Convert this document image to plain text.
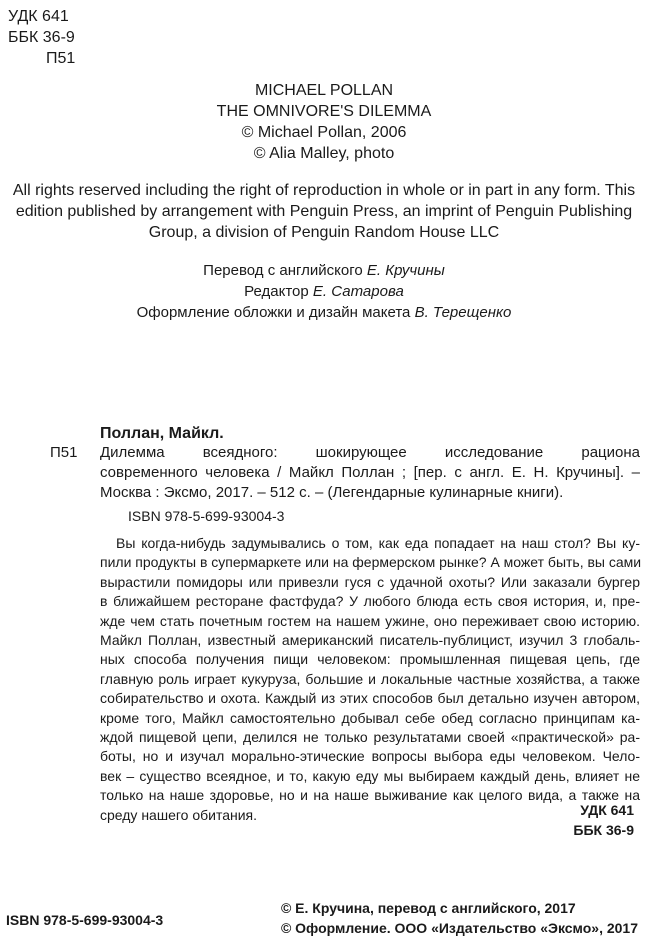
УДК 641
ББК 36-9
П51
MICHAEL POLLAN
THE OMNIVORE'S DILEMMA
© Michael Pollan, 2006
© Alia Malley, photo
All rights reserved including the right of reproduction in whole or in part in any form. This
edition published by arrangement with Penguin Press, an imprint of Penguin Publishing
Group, a division of Penguin Random House LLC
Перевод с английского Е. Кручины
Редактор Е. Сатарова
Оформление обложки и дизайн макета В. Терещенко
Поллан, Майкл.
П51 Дилемма всеядного: шокирующее исследование рациона
современного человека / Майкл Поллан ; [пер. с англ. Е. Н. Кручины]. –
Москва : Эксмо, 2017. – 512 с. – (Легендарные кулинарные книги).
ISBN 978-5-699-93004-3
Вы когда-нибудь задумывались о том, как еда попадает на наш стол? Вы ку-
пили продукты в супермаркете или на фермерском рынке? А может быть, вы сами
вырастили помидоры или привезли гуся с удачной охоты? Или заказали бургер
в ближайшем ресторане фастфуда? У любого блюда есть своя история, и, пре-
жде чем стать почетным гостем на нашем ужине, оно переживает свою историю.
Майкл Поллан, известный американский писатель-публицист, изучил 3 глобаль-
ных способа получения пищи человеком: промышленная пищевая цепь, где
главную роль играет кукуруза, большие и локальные частные хозяйства, а также
собирательство и охота. Каждый из этих способов был детально изучен автором,
кроме того, Майкл самостоятельно добывал себе обед согласно принципам ка-
ждой пищевой цепи, делился не только результатами своей «практической» ра-
боты, но и изучал морально-этические вопросы выбора еды человеком. Чело-
век – существо всеядное, и то, какую еду мы выбираем каждый день, влияет не
только на наше здоровье, но и на наше выживание как целого вида, а также на
среду нашего обитания.	УДК 641
ББК 36-9
ISBN 978-5-699-93004-3
© Е. Кручина, перевод с английского, 2017
© Оформление. ООО «Издательство «Эксмо», 2017
